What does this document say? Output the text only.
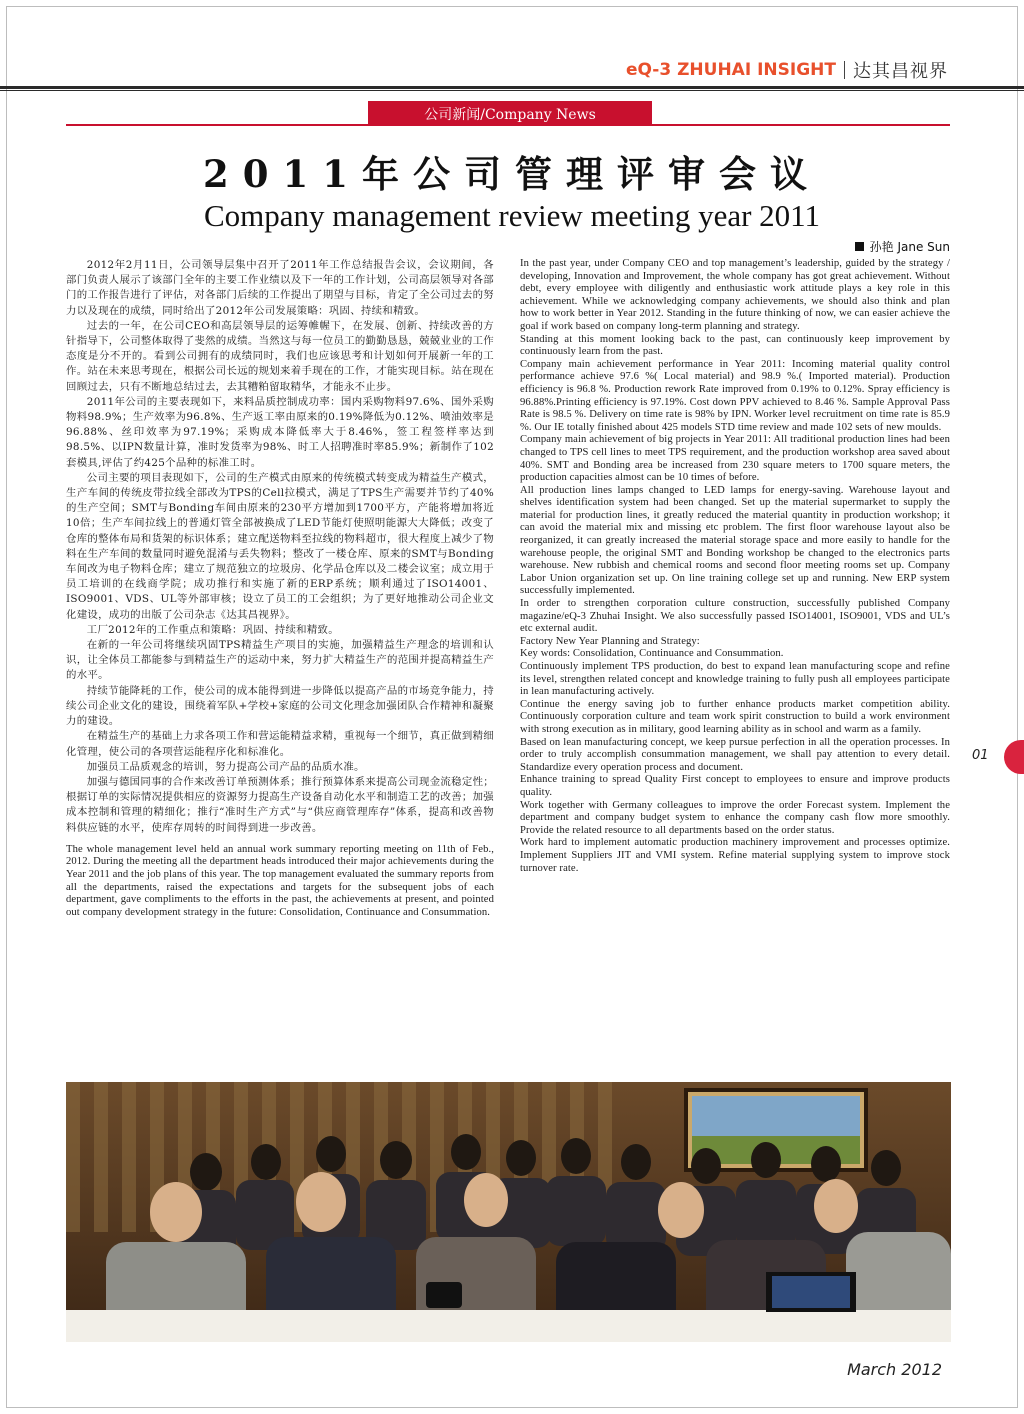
eQ-3 ZHUHAI INSIGHT 达其昌视界
公司新闻/Company News
2011年公司管理评审会议
Company management review meeting year 2011
孙艳 Jane Sun

2012年2月11日，公司领导层集中召开了2011年工作总结报告会议，会议期间，各部门负责人展示了该部门全年的主要工作业绩以及下一年的工作计划，公司高层领导对各部门的工作报告进行了评估，对各部门后续的工作提出了期望与目标，肯定了全公司过去的努力以及现在的成绩，同时给出了2012年公司发展策略：巩固、持续和精致。

过去的一年，在公司CEO和高层领导层的运筹帷幄下，在发展、创新、持续改善的方针指导下，公司整体取得了斐然的成绩。当然这与每一位员工的勤勤恳恳，兢兢业业的工作态度是分不开的。看到公司拥有的成绩同时，我们也应该思考和计划如何开展新一年的工作。站在未来思考现在，根据公司长远的规划来着手现在的工作，才能实现目标。站在现在回顾过去，只有不断地总结过去，去其糟粕留取精华，才能永不止步。

2011年公司的主要表现如下，来料品质控制成功率：国内采购物料97.6%、国外采购物料98.9%；生产效率为96.8%、生产返工率由原来的0.19%降低为0.12%、喷油效率是96.88%、丝印效率为97.19%；采购成本降低率大于8.46%，签工程签样率达到98.5%、以IPN数量计算，准时发货率为98%、时工人招聘准时率85.9%；新制作了102套模具,评估了约425个品种的标准工时。

公司主要的项目表现如下，公司的生产模式由原来的传统模式转变成为精益生产模式，生产车间的传统皮带拉线全部改为TPS的Cell拉模式，满足了TPS生产需要并节约了40%的生产空间；SMT与Bonding车间由原来的230平方增加到1700平方，产能将增加将近10倍；生产车间拉线上的普通灯管全部被换成了LED节能灯使照明能源大大降低；改变了仓库的整体布局和货架的标识体系；建立配送物料至拉线的物料超市，很大程度上减少了物料在生产车间的数量同时避免混淆与丢失物料；整改了一楼仓库、原来的SMT与Bonding车间改为电子物料仓库；建立了规范独立的垃圾房、化学品仓库以及二楼会议室；成立用于员工培训的在线商学院；成功推行和实施了新的ERP系统；顺利通过了ISO14001、ISO9001、VDS、UL等外部审核；设立了员工的工会组织；为了更好地推动公司企业文化建设，成功的出版了公司杂志《达其昌视界》。

工厂2012年的工作重点和策略：巩固、持续和精致。

在新的一年公司将继续巩固TPS精益生产项目的实施，加强精益生产理念的培训和认识，让全体员工都能参与到精益生产的运动中来，努力扩大精益生产的范围并提高精益生产的水平。

持续节能降耗的工作，使公司的成本能得到进一步降低以提高产品的市场竞争能力，持续公司企业文化的建设，围绕着军队+学校+家庭的公司文化理念加强团队合作精神和凝聚力的建设。

在精益生产的基础上力求各项工作和营运能精益求精，重视每一个细节，真正做到精细化管理，使公司的各项营运能程序化和标准化。

加强员工品质观念的培训，努力提高公司产品的品质水准。

加强与德国同事的合作来改善订单预测体系；推行预算体系来提高公司现金流稳定性；根据订单的实际情况提供相应的资源努力提高生产设备自动化水平和制造工艺的改善；加强成本控制和管理的精细化；推行“准时生产方式”与“供应商管理库存”体系，提高和改善物料供应链的水平，使库存周转的时间得到进一步改善。

The whole management level held an annual work summary reporting meeting on 11th of Feb., 2012. During the meeting all the department heads introduced their major achievements during the Year 2011 and the job plans of this year. The top management evaluated the summary reports from all the departments, raised the expectations and targets for the subsequent jobs of each department, gave compliments to the efforts in the past, the achievements at present, and pointed out company development strategy in the future: Consolidation, Continuance and Consummation.

In the past year, under Company CEO and top management’s leadership, guided by the strategy / developing, Innovation and Improvement, the whole company has got great achievement. Without debt, every employee with diligently and enthusiastic work attitude plays a key role in this achievement. While we acknowledging company achievements, we should also think and plan how to work better in Year 2012. Standing in the future thinking of now, we can easier achieve the goal if work based on company long-term planning and strategy.

Standing at this moment looking back to the past, can continuously keep improvement by continuously learn from the past.

Company main achievement performance in Year 2011: Incoming material quality control performance achieve 97.6 %( Local material) and 98.9 %.( Imported material). Production efficiency is 96.8 %. Production rework Rate improved from 0.19% to 0.12%. Spray efficiency is 96.88%.Printing efficiency is 97.19%. Cost down PPV achieved to 8.46 %. Sample Approval Pass Rate is 98.5 %. Delivery on time rate is 98% by IPN. Worker level recruitment on time rate is 85.9 %. Our IE totally finished about 425 models STD time review and made 102 sets of new moulds.

Company main achievement of big projects in Year 2011: All traditional production lines had been changed to TPS cell lines to meet TPS requirement, and the production workshop area saved about 40%. SMT and Bonding area be increased from 230 square meters to 1700 square meters, the production capacities almost can be 10 times of before.

All production lines lamps changed to LED lamps for energy-saving. Warehouse layout and shelves identification system had been changed. Set up the material supermarket to supply the material for production lines, it greatly reduced the material quantity in production workshop; it can avoid the material mix and missing etc problem. The first floor warehouse layout also be reorganized, it can greatly increased the material storage space and more easily to handle for the warehouse people, the original SMT and Bonding workshop be changed to the electronics parts warehouse. New rubbish and chemical rooms and second floor meeting rooms set up. Company Labor Union organization set up. On line training college set up and running. New ERP system successfully implemented.

In order to strengthen corporation culture construction, successfully published Company magazine/eQ-3 Zhuhai Insight. We also successfully passed ISO14001, ISO9001, VDS and UL’s etc external audit.

Factory New Year Planning and Strategy:

Key words: Consolidation, Continuance and Consummation.

Continuously implement TPS production, do best to expand lean manufacturing scope and refine its level, strengthen related concept and knowledge training to fully push all employees participate in lean manufacturing actively.

Continue the energy saving job to further enhance products market competition ability. Continuously corporation culture and team work spirit construction to build a work environment with strong execution as in military, good learning ability as in school and warm as a family.

Based on lean manufacturing concept, we keep pursue perfection in all the operation processes. In order to truly accomplish consummation management, we shall pay attention to every detail. Standardize every operation process and document.

Enhance training to spread Quality First concept to employees to ensure and improve products quality.

Work together with Germany colleagues to improve the order Forecast system. Implement the department and company budget system to enhance the company cash flow more smoothly. Provide the related resource to all departments based on the order status.

Work hard to implement automatic production machinery improvement and processes optimize. Implement Suppliers JIT and VMI system. Refine material supplying system to improve stock turnover rate.

01
March 2012
